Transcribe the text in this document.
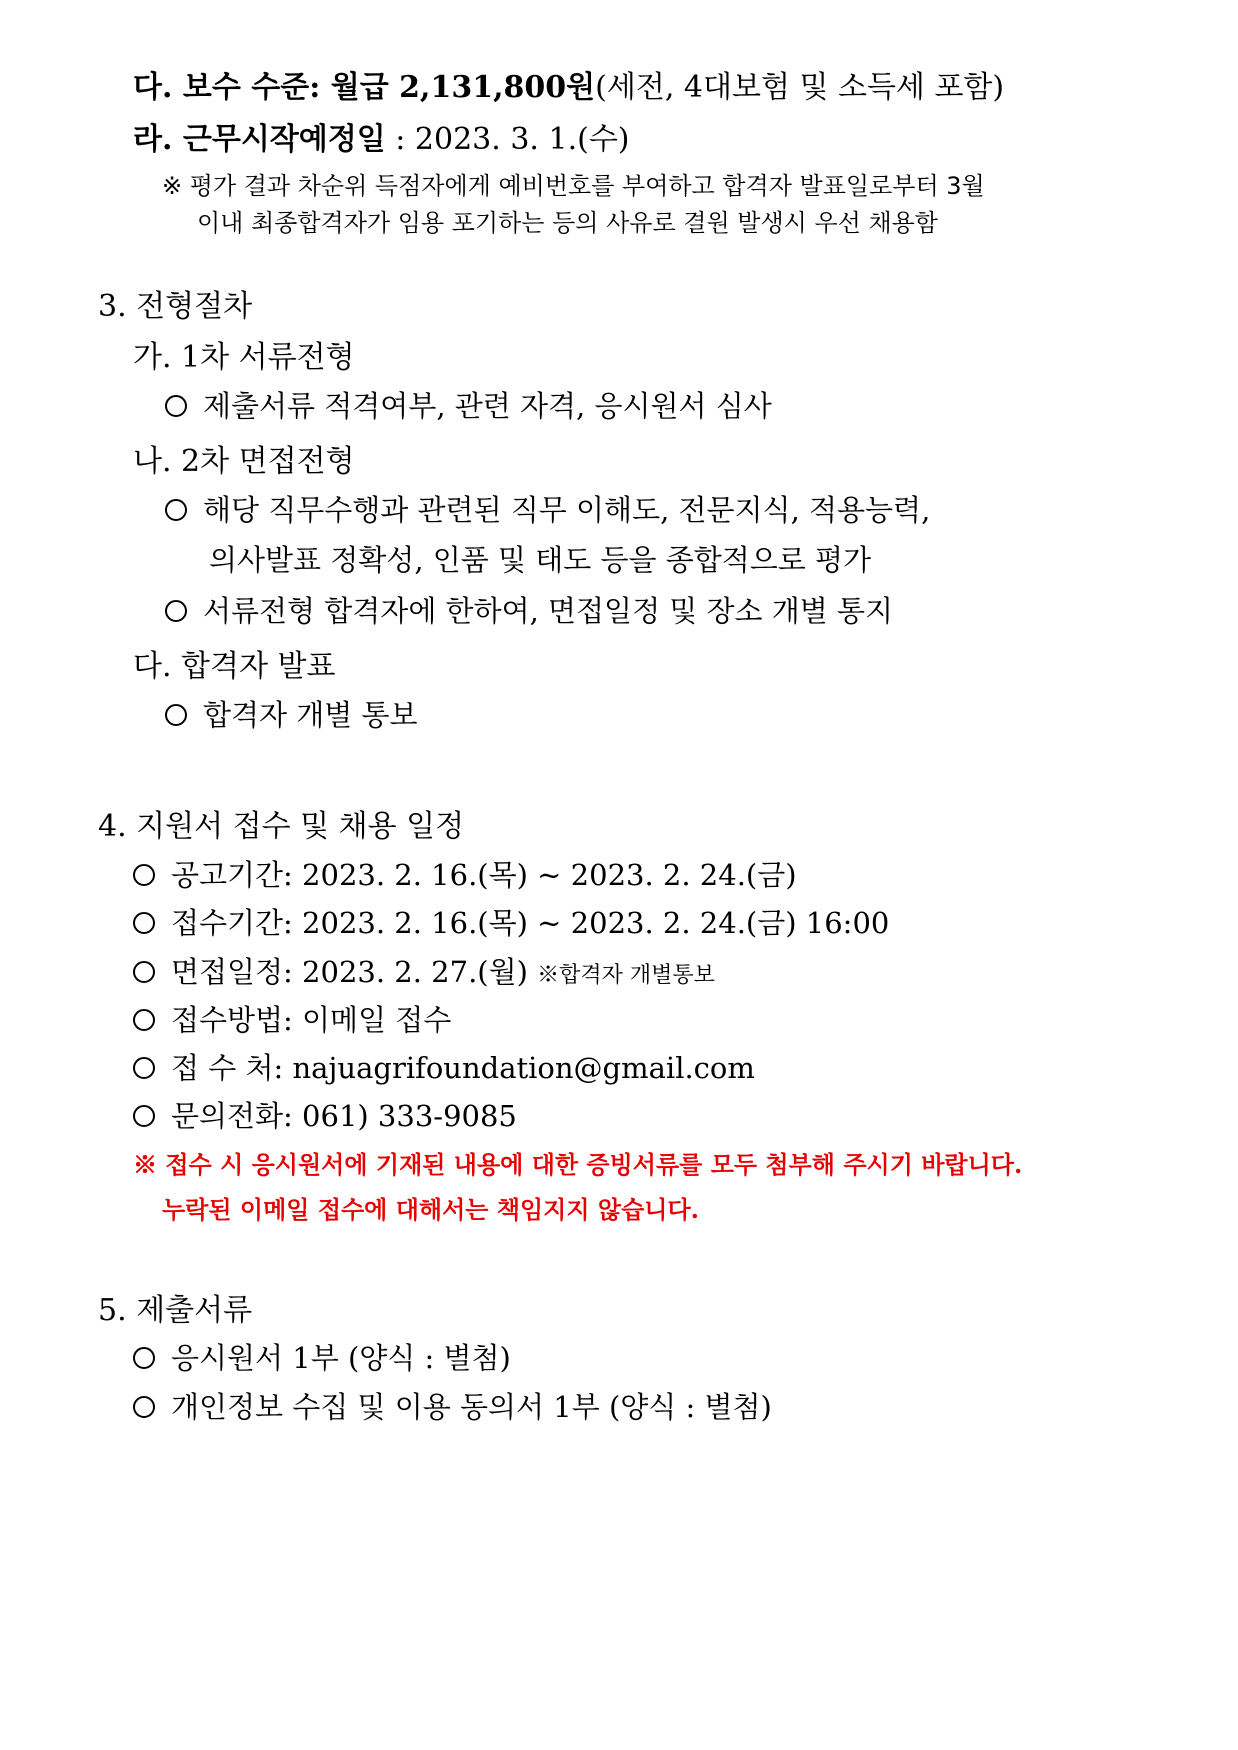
다. 보수 수준: 월급 2,131,800원(세전, 4대보험 및 소득세 포함)
라. 근무시작예정일 : 2023. 3. 1.(수)
※ 평가 결과 차순위 득점자에게 예비번호를 부여하고 합격자 발표일로부터 3월
이내 최종합격자가 임용 포기하는 등의 사유로 결원 발생시 우선 채용함
3. 전형절차
가. 1차 서류전형
제출서류 적격여부, 관련 자격, 응시원서 심사
나. 2차 면접전형
해당 직무수행과 관련된 직무 이해도, 전문지식, 적용능력,
의사발표 정확성, 인품 및 태도 등을 종합적으로 평가
서류전형 합격자에 한하여, 면접일정 및 장소 개별 통지
다. 합격자 발표
합격자 개별 통보
4. 지원서 접수 및 채용 일정
공고기간: 2023. 2. 16.(목) ∼ 2023. 2. 24.(금)
접수기간: 2023. 2. 16.(목) ∼ 2023. 2. 24.(금) 16:00
면접일정: 2023. 2. 27.(월) ※합격자 개별통보
접수방법: 이메일 접수
접 수 처: najuagrifoundation@gmail.com
문의전화: 061) 333-9085
※ 접수 시 응시원서에 기재된 내용에 대한 증빙서류를 모두 첨부해 주시기 바랍니다.
누락된 이메일 접수에 대해서는 책임지지 않습니다.
5. 제출서류
응시원서 1부 (양식 : 별첨)
개인정보 수집 및 이용 동의서 1부 (양식 : 별첨)
